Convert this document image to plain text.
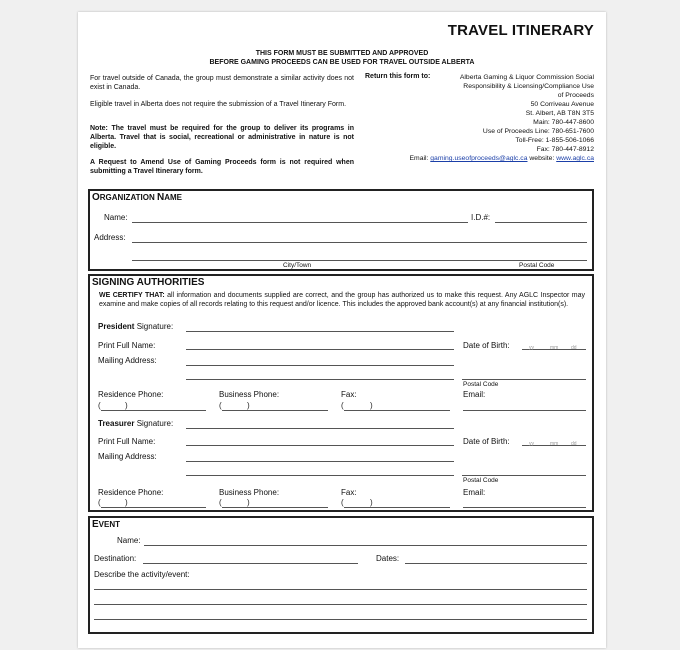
TRAVEL ITINERARY
THIS FORM MUST BE SUBMITTED AND APPROVED
BEFORE GAMING PROCEEDS CAN BE USED FOR TRAVEL OUTSIDE ALBERTA
For travel outside of Canada, the group must demonstrate a similar activity does not exist in Canada.
Eligible travel in Alberta does not require the submission of a Travel Itinerary Form.
Note: The travel must be required for the group to deliver its programs in Alberta. Travel that is social, recreational or administrative in nature is not eligible.
A Request to Amend Use of Gaming Proceeds form is not required when submitting a Travel Itinerary form.
Return this form to:	Alberta Gaming & Liquor Commission Social
Responsibility & Licensing/Compliance Use
of Proceeds
50 Corriveau Avenue
St. Albert, AB T8N 3T5
Main: 780-447-8600
Use of Proceeds Line: 780-651-7600
Toll-Free: 1-855-506-1066
Fax: 780-447-8912
Email: gaming.useofproceeds@aglc.ca website: www.aglc.ca
ORGANIZATION NAME
Name:	I.D.#:
Address:
City/Town	Postal Code
SIGNING AUTHORITIES
WE CERTIFY THAT: all information and documents supplied are correct, and the group has authorized us to make this request. Any AGLC Inspector may examine and make copies of all records relating to this request and/or licence. This includes the approved bank account(s) at any financial institution(s).
President Signature:
Print Full Name:	Date of Birth:	yy	mm	dd
Mailing Address:
Postal Code
Residence Phone:	Business Phone:	Fax:	Email:
(	)	(	)	(	)
Treasurer Signature:
Print Full Name:	Date of Birth:	yy	mm	dd
Mailing Address:
Postal Code
Residence Phone:	Business Phone:	Fax:	Email:
(	)	(	)	(	)
EVENT
Name:
Destination:	Dates:
Describe the activity/event:
